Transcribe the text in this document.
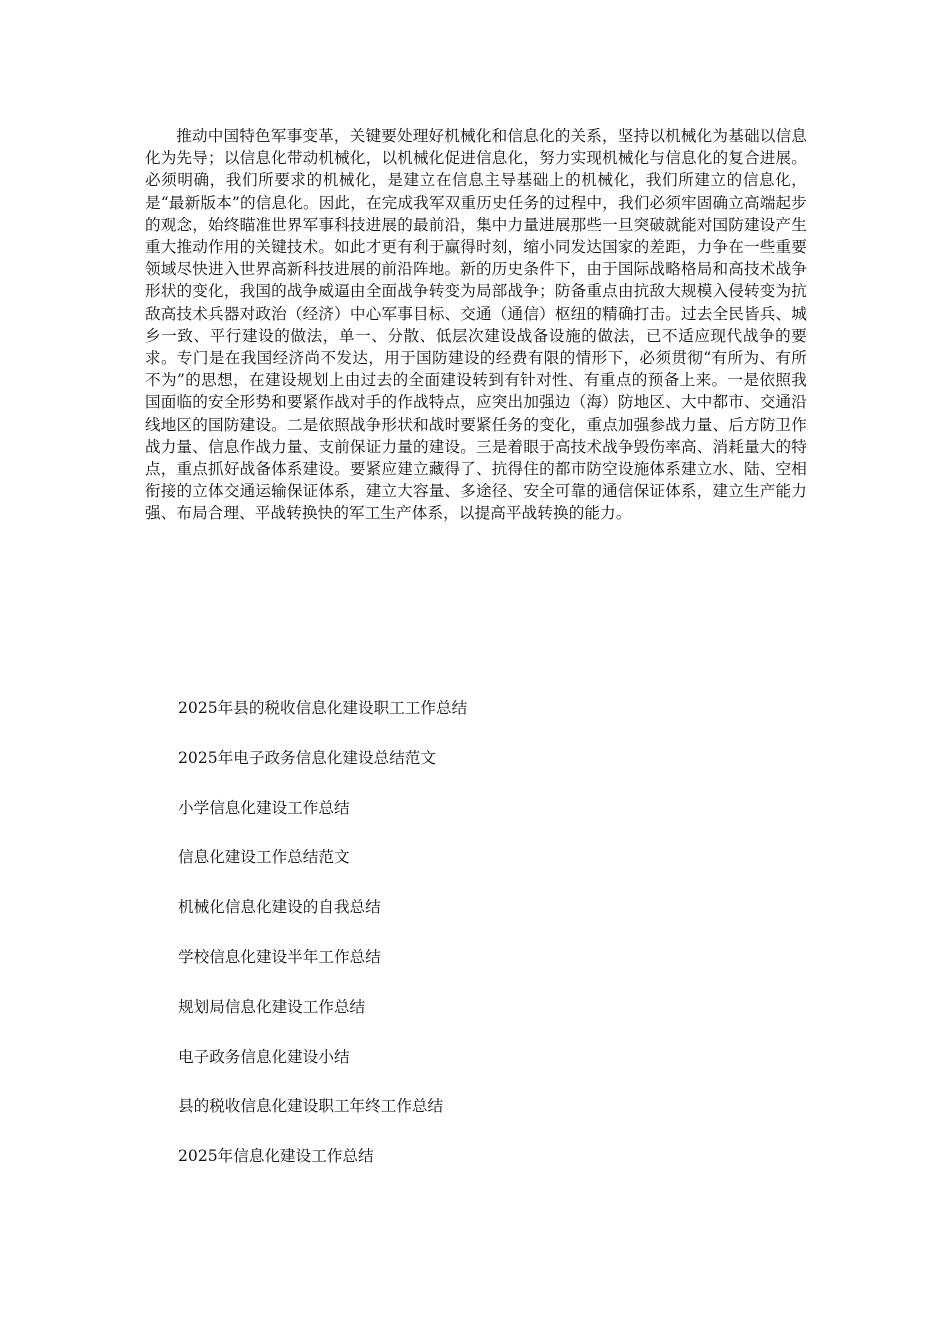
推动中国特色军事变革，关键要处理好机械化和信息化的关系，坚持以机械化为基础以信息化为先导；以信息化带动机械化，以机械化促进信息化，努力实现机械化与信息化的复合进展。必须明确，我们所要求的机械化，是建立在信息主导基础上的机械化，我们所建立的信息化，是“最新版本”的信息化。因此，在完成我军双重历史任务的过程中，我们必须牢固确立高端起步的观念，始终瞄准世界军事科技进展的最前沿，集中力量进展那些一旦突破就能对国防建设产生重大推动作用的关键技术。如此才更有利于赢得时刻，缩小同发达国家的差距，力争在一些重要领域尽快进入世界高新科技进展的前沿阵地。新的历史条件下，由于国际战略格局和高技术战争形状的变化，我国的战争威逼由全面战争转变为局部战争；防备重点由抗敌大规模入侵转变为抗敌高技术兵器对政治（经济）中心军事目标、交通（通信）枢纽的精确打击。过去全民皆兵、城乡一致、平行建设的做法，单一、分散、低层次建设战备设施的做法，已不适应现代战争的要求。专门是在我国经济尚不发达，用于国防建设的经费有限的情形下，必须贯彻“有所为、有所不为”的思想，在建设规划上由过去的全面建设转到有针对性、有重点的预备上来。一是依照我国面临的安全形势和要紧作战对手的作战特点，应突出加强边（海）防地区、大中都市、交通沿线地区的国防建设。二是依照战争形状和战时要紧任务的变化，重点加强参战力量、后方防卫作战力量、信息作战力量、支前保证力量的建设。三是着眼于高技术战争毁伤率高、消耗量大的特点，重点抓好战备体系建设。要紧应建立藏得了、抗得住的都市防空设施体系建立水、陆、空相衔接的立体交通运输保证体系，建立大容量、多途径、安全可靠的通信保证体系，建立生产能力强、布局合理、平战转换快的军工生产体系，以提高平战转换的能力。

2025年县的税收信息化建设职工工作总结
2025年电子政务信息化建设总结范文
小学信息化建设工作总结
信息化建设工作总结范文
机械化信息化建设的自我总结
学校信息化建设半年工作总结
规划局信息化建设工作总结
电子政务信息化建设小结
县的税收信息化建设职工年终工作总结
2025年信息化建设工作总结
